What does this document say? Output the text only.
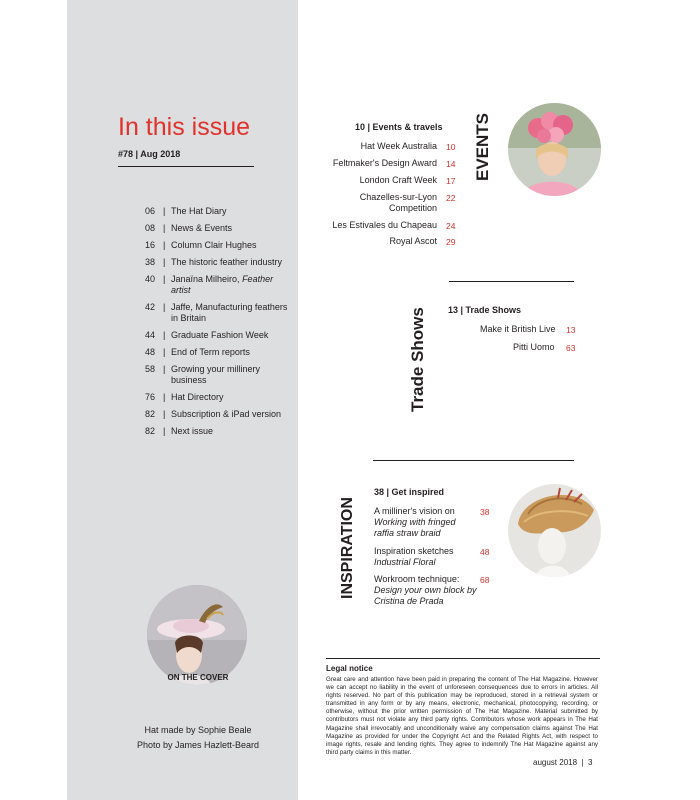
In this issue
#78 | Aug 2018
06 | The Hat Diary
08 | News & Events
16 | Column Clair Hughes
38 | The historic feather industry
40 | Janaïna Milheiro, Feather artist
42 | Jaffe, Manufacturing feathers in Britain
44 | Graduate Fashion Week
48 | End of Term reports
58 | Growing your millinery business
76 | Hat Directory
82 | Subscription & iPad version
82 | Next issue
ON THE COVER
Hat made by Sophie Beale
Photo by James Hazlett-Beard
10 | Events & travels
Hat Week Australia 10
Feltmaker's Design Award 14
London Craft Week 17
Chazelles-sur-Lyon
Competition
22
Les Estivales du Chapeau 24
Royal Ascot 29
EVENTS
13 | Trade Shows
Make it British Live 13
Pitti Uomo 63
Trade Shows
38 | Get inspired
A milliner's vision on
Working with fringed raffia straw braid
38
Inspiration sketches
Industrial Floral
48
Workroom technique:
Design your own block by Cristina de Prada
68
INSPIRATION
Legal notice
Great care and attention have been paid in preparing the content of The Hat Magazine. However we can accept no liability in the event of unforeseen consequences due to errors in articles. All rights reserved. No part of this publication may be reproduced, stored in a retrieval system or transmitted in any form or by any means, electronic, mechanical, photocopying, recording, or otherwise, without the prior written permission of The Hat Magazine. Material submitted by contributors must not violate any third party rights. Contributors whose work appears in The Hat Magazine shall irrevocably and unconditionally waive any compensation claims against The Hat Magazine as provided for under the Copyright Act and the Related Rights Act, with respect to image rights, resale and lending rights. They agree to indemnify The Hat Magazine against any third party claims in this matter.
august 2018  |  3
